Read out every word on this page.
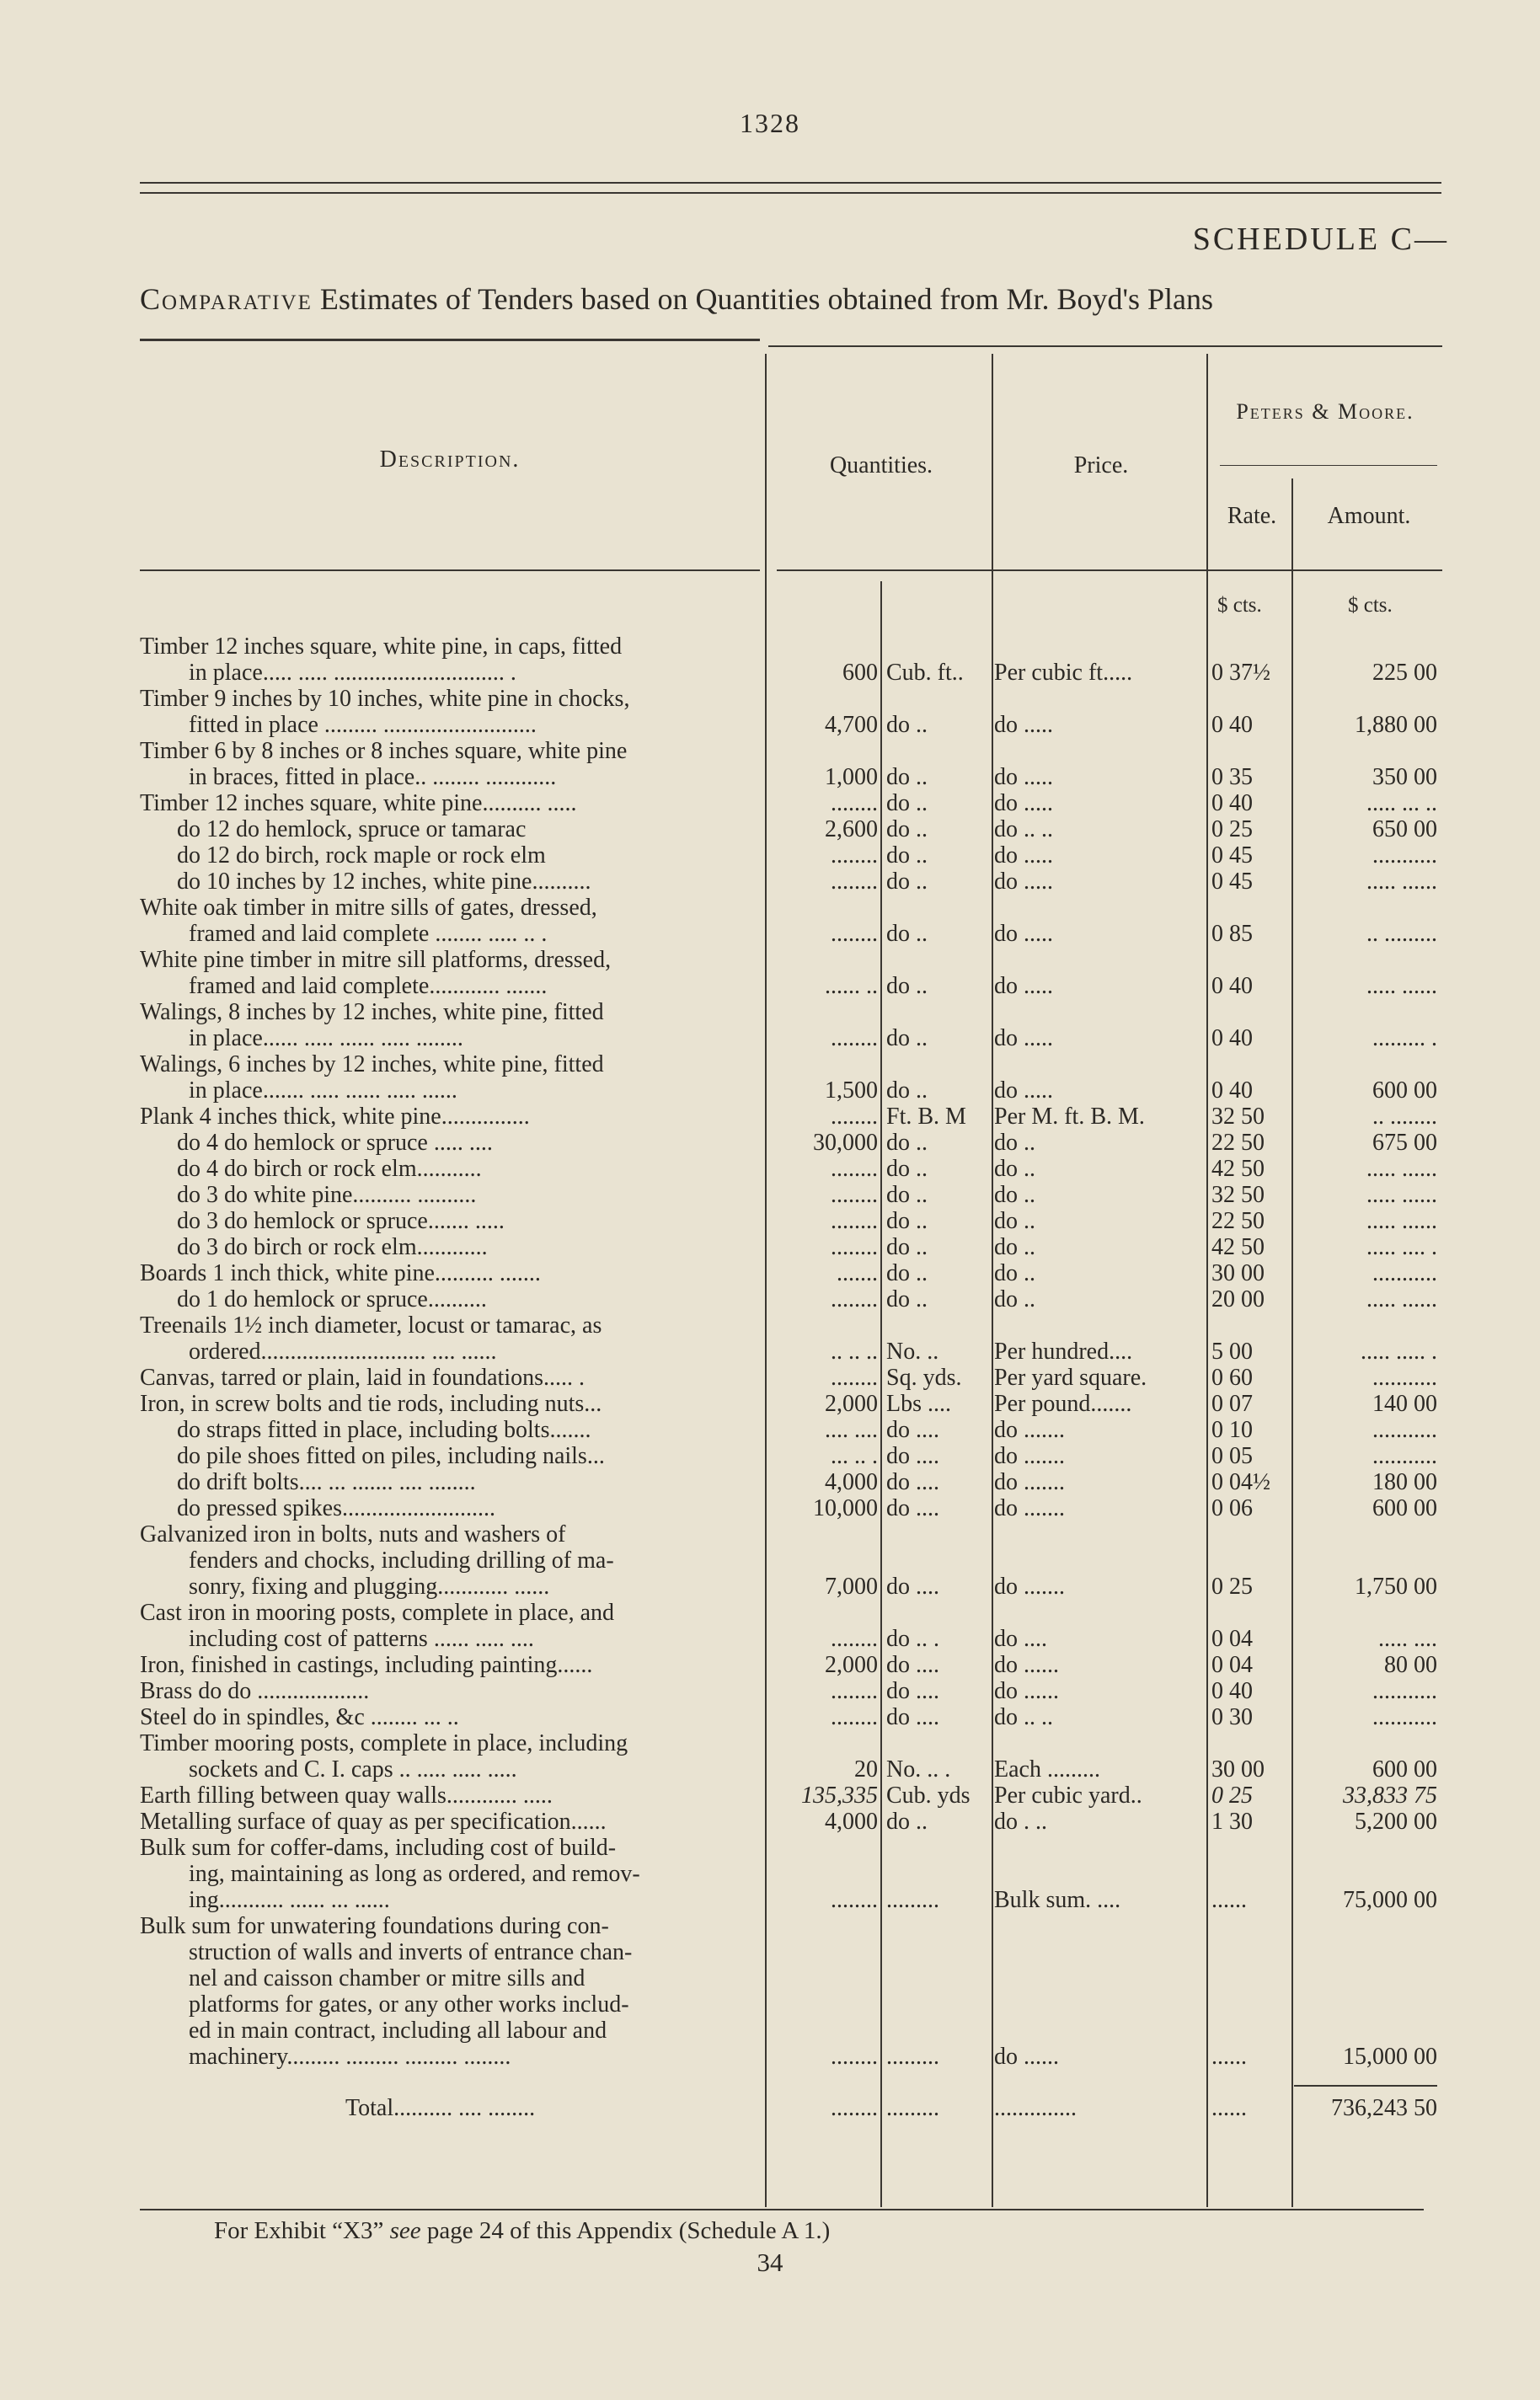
1328
SCHEDULE C—
Comparative Estimates of Tenders based on Quantities obtained from Mr. Boyd's Plans
Description.	Quantities.	Price.
Peters & Moore.
Rate.	Amount.
$ cts.	$ cts.
Timber 12 inches square, white pine, in caps, fitted
in place..... ..... ............................. .	600 Cub. ft..	Per cubic ft.....	0 37½	225 00
Timber 9 inches by 10 inches, white pine in chocks,
fitted in place ......... ..........................	4,700 do ..	do .....	0 40	1,880 00
Timber 6 by 8 inches or 8 inches square, white pine
in braces, fitted in place.. ........ ............	1,000 do ..	do .....	0 35	350 00
Timber 12 inches square, white pine.......... .....	........ do ..	do .....	0 40	..... ... ..
do 12 do hemlock, spruce or tamarac	2,600 do ..	do .. ..	0 25	650 00
do 12 do birch, rock maple or rock elm	........ do ..	do .....	0 45	...........
do 10 inches by 12 inches, white pine..........	........ do ..	do .....	0 45	..... ......
White oak timber in mitre sills of gates, dressed,
framed and laid complete ........ ..... .. .	........ do ..	do .....	0 85	.. .........
White pine timber in mitre sill platforms, dressed,
framed and laid complete............ .......	...... .. do ..	do .....	0 40	..... ......
Walings, 8 inches by 12 inches, white pine, fitted
in place...... ..... ...... ..... ........	........ do ..	do .....	0 40	......... .
Walings, 6 inches by 12 inches, white pine, fitted
in place....... ..... ...... ..... ......	1,500 do ..	do .....	0 40	600 00
Plank 4 inches thick, white pine...............	........ Ft. B. M	Per M. ft. B. M.	32 50	.. ........
do 4 do hemlock or spruce ..... ....	30,000 do ..	do ..	22 50	675 00
do 4 do birch or rock elm...........	........ do ..	do ..	42 50	..... ......
do 3 do white pine.......... ..........	........ do ..	do ..	32 50	..... ......
do 3 do hemlock or spruce....... .....	........ do ..	do ..	22 50	..... ......
do 3 do birch or rock elm............	........ do ..	do ..	42 50	..... .... .
Boards 1 inch thick, white pine.......... .......	....... do ..	do ..	30 00	...........
do 1 do hemlock or spruce..........	........ do ..	do ..	20 00	..... ......
Treenails 1½ inch diameter, locust or tamarac, as
ordered............................ .... ......	.. .. .. No. ..	Per hundred....	5 00	..... ..... .
Canvas, tarred or plain, laid in foundations..... .	........ Sq. yds.	Per yard square.	0 60	...........
Iron, in screw bolts and tie rods, including nuts...	2,000 Lbs ....	Per pound.......	0 07	140 00
do straps fitted in place, including bolts.......	.... .... do ....	do .......	0 10	...........
do pile shoes fitted on piles, including nails...	... .. . do ....	do .......	0 05	...........
do drift bolts.... ... ....... .... ........	4,000 do ....	do .......	0 04½	180 00
do pressed spikes..........................	10,000 do ....	do .......	0 06	600 00
Galvanized iron in bolts, nuts and washers of
fenders and chocks, including drilling of ma-
sonry, fixing and plugging............ ......	7,000 do ....	do .......	0 25	1,750 00
Cast iron in mooring posts, complete in place, and
including cost of patterns ...... ..... ....	........ do .. .	do ....	0 04	..... ....
Iron, finished in castings, including painting......	2,000 do ....	do ......	0 04	80 00
Brass do do ...................	........ do ....	do ......	0 40	...........
Steel do in spindles, &c ........ ... ..	........ do ....	do .. ..	0 30	...........
Timber mooring posts, complete in place, including
sockets and C. I. caps .. ..... ..... .....	20 No. .. .	Each .........	30 00	600 00
Earth filling between quay walls............ .....	135,335 Cub. yds	Per cubic yard..	0 25	33,833 75
Metalling surface of quay as per specification......	4,000 do ..	do . ..	1 30	5,200 00
Bulk sum for coffer-dams, including cost of build-
ing, maintaining as long as ordered, and remov-
ing........... ...... ... ......	........ .........	Bulk sum. ....	......	75,000 00
Bulk sum for unwatering foundations during con-
struction of walls and inverts of entrance chan-
nel and caisson chamber or mitre sills and
platforms for gates, or any other works includ-
ed in main contract, including all labour and
machinery......... ......... ......... ........	........ .........	do ......	......	15,000 00
Total.......... .... ........	........ .........	..............	......	736,243 50
For Exhibit “X3” see page 24 of this Appendix (Schedule A 1.)
34
